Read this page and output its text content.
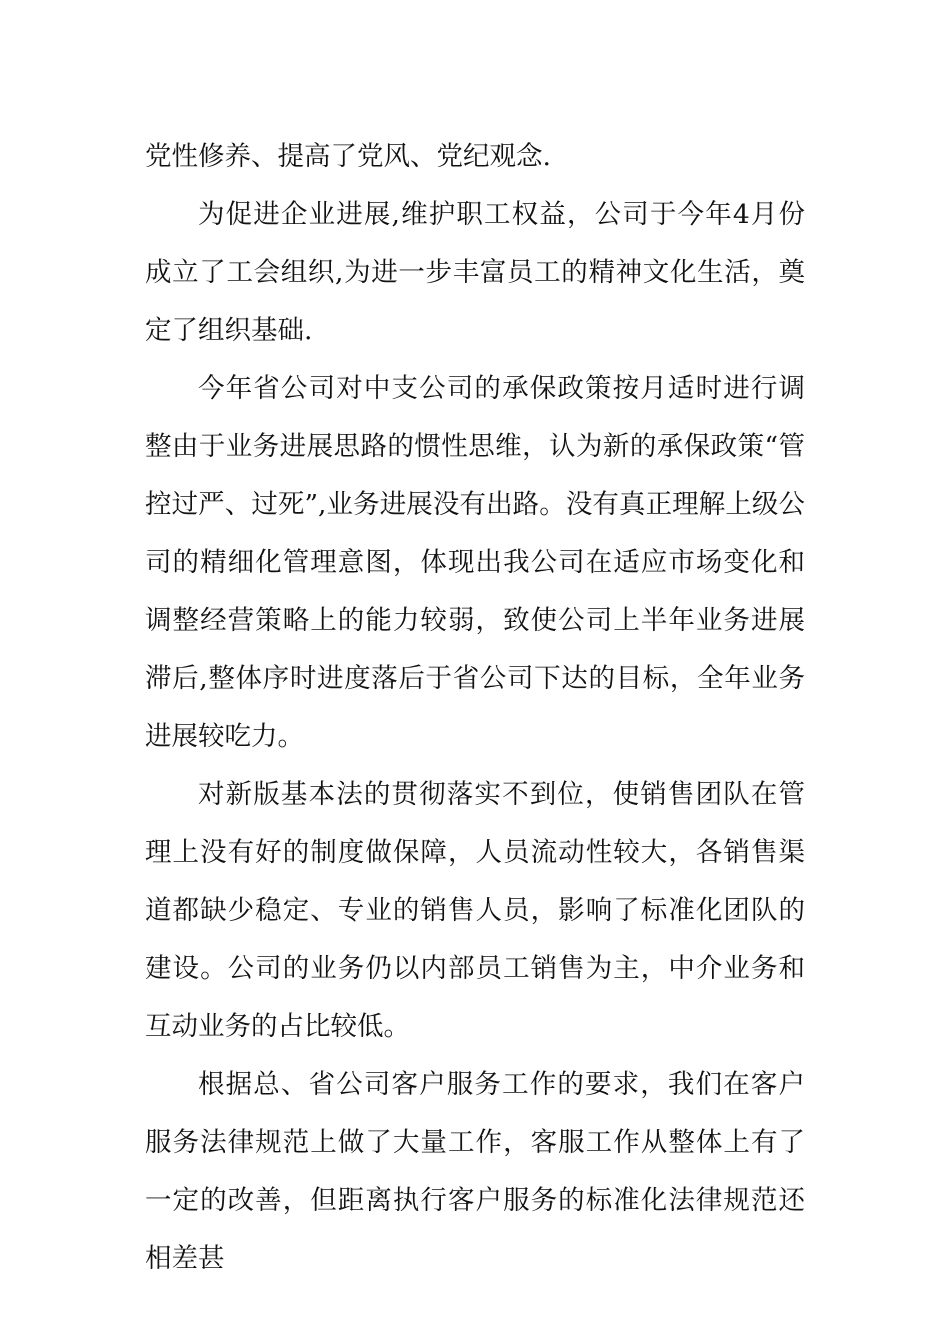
党性修养、提高了党风、党纪观念.

为促进企业进展,维护职工权益，公司于今年4月份成立了工会组织,为进一步丰富员工的精神文化生活，奠定了组织基础.

今年省公司对中支公司的承保政策按月适时进行调整由于业务进展思路的惯性思维，认为新的承保政策“管控过严、过死”,业务进展没有出路。没有真正理解上级公司的精细化管理意图，体现出我公司在适应市场变化和调整经营策略上的能力较弱，致使公司上半年业务进展滞后,整体序时进度落后于省公司下达的目标，全年业务进展较吃力。

对新版基本法的贯彻落实不到位，使销售团队在管理上没有好的制度做保障，人员流动性较大，各销售渠道都缺少稳定、专业的销售人员，影响了标准化团队的建设。公司的业务仍以内部员工销售为主，中介业务和互动业务的占比较低。

根据总、省公司客户服务工作的要求，我们在客户服务法律规范上做了大量工作，客服工作从整体上有了一定的改善，但距离执行客户服务的标准化法律规范还相差甚
